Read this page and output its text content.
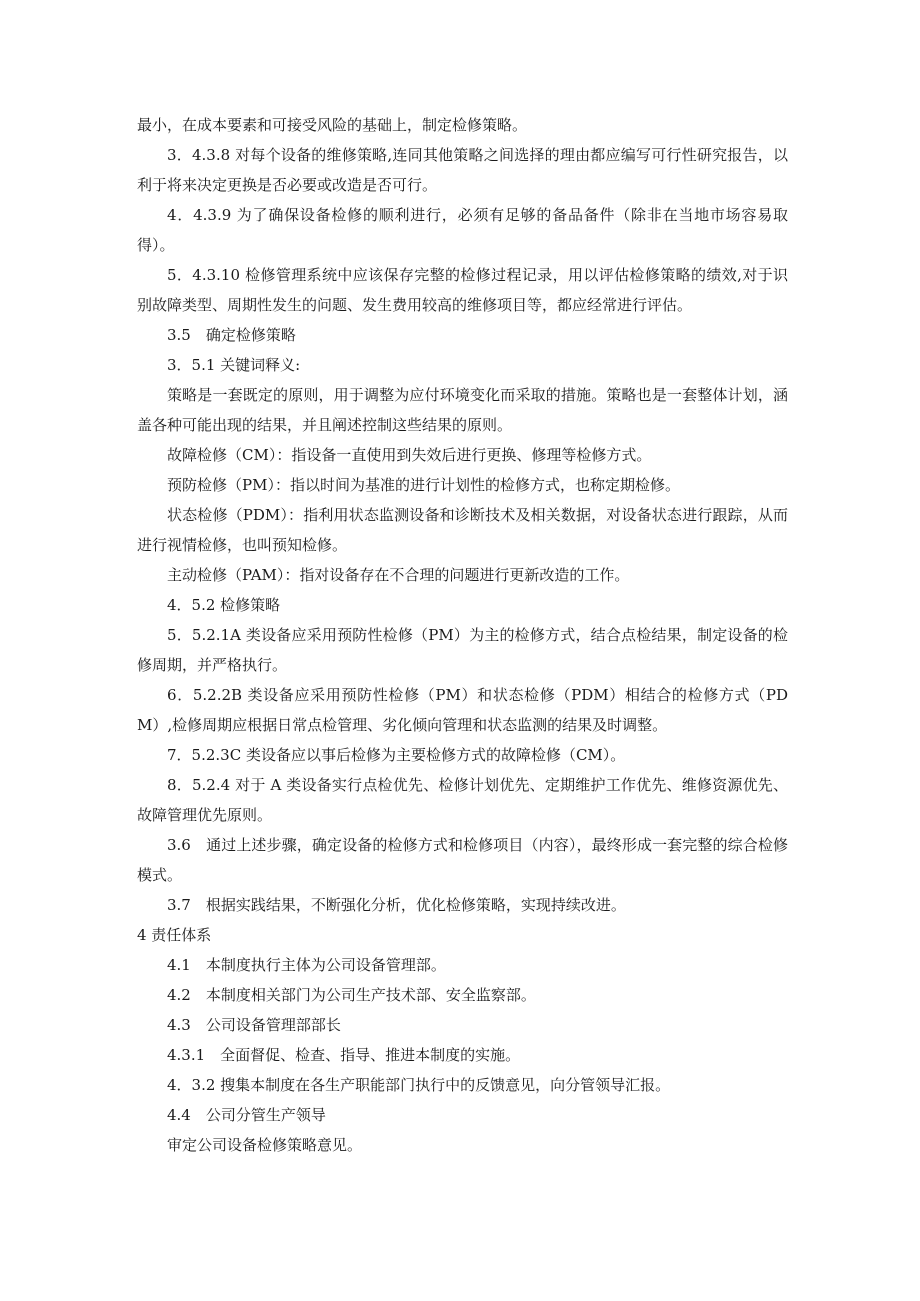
最小，在成本要素和可接受风险的基础上，制定检修策略。

3．4.3.8 对每个设备的维修策略,连同其他策略之间选择的理由都应编写可行性研究报告，以利于将来决定更换是否必要或改造是否可行。

4．4.3.9 为了确保设备检修的顺利进行，必须有足够的备品备件（除非在当地市场容易取得）。

5．4.3.10 检修管理系统中应该保存完整的检修过程记录，用以评估检修策略的绩效,对于识别故障类型、周期性发生的问题、发生费用较高的维修项目等，都应经常进行评估。

3.5　确定检修策略

3．5.1 关键词释义:

策略是一套既定的原则，用于调整为应付环境变化而采取的措施。策略也是一套整体计划，涵盖各种可能出现的结果，并且阐述控制这些结果的原则。

故障检修（CM）：指设备一直使用到失效后进行更换、修理等检修方式。

预防检修（PM）：指以时间为基准的进行计划性的检修方式，也称定期检修。

状态检修（PDM）：指利用状态监测设备和诊断技术及相关数据，对设备状态进行跟踪，从而进行视情检修，也叫预知检修。

主动检修（PAM）：指对设备存在不合理的问题进行更新改造的工作。

4．5.2 检修策略

5．5.2.1A 类设备应采用预防性检修（PM）为主的检修方式，结合点检结果，制定设备的检修周期，并严格执行。

6．5.2.2B 类设备应采用预防性检修（PM）和状态检修（PDM）相结合的检修方式（PDM）,检修周期应根据日常点检管理、劣化倾向管理和状态监测的结果及时调整。

7．5.2.3C 类设备应以事后检修为主要检修方式的故障检修（CM）。

8．5.2.4 对于 A 类设备实行点检优先、检修计划优先、定期维护工作优先、维修资源优先、故障管理优先原则。

3.6　通过上述步骤，确定设备的检修方式和检修项目（内容），最终形成一套完整的综合检修模式。

3.7　根据实践结果，不断强化分析，优化检修策略，实现持续改进。

4 责任体系

4.1　本制度执行主体为公司设备管理部。

4.2　本制度相关部门为公司生产技术部、安全监察部。

4.3　公司设备管理部部长

4.3.1　全面督促、检查、指导、推进本制度的实施。

4．3.2 搜集本制度在各生产职能部门执行中的反馈意见，向分管领导汇报。

4.4　公司分管生产领导

审定公司设备检修策略意见。
